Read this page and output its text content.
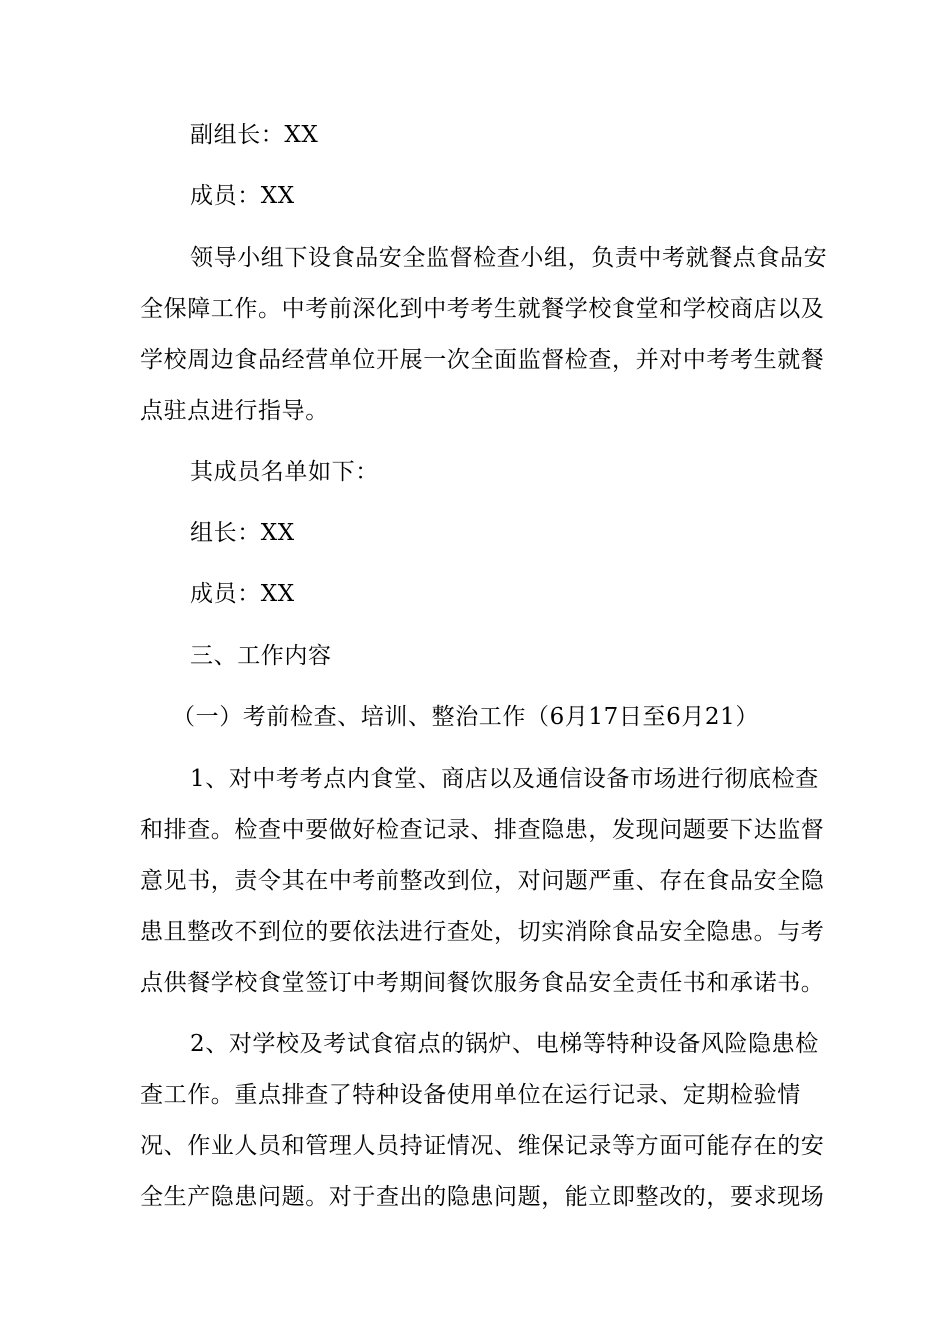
副组长：XX
成员：XX
领导小组下设食品安全监督检查小组，负责中考就餐点食品安
全保障工作。中考前深化到中考考生就餐学校食堂和学校商店以及
学校周边食品经营单位开展一次全面监督检查，并对中考考生就餐
点驻点进行指导。
其成员名单如下：
组长：XX
成员：XX
三、工作内容
（一）考前检查、培训、整治工作（6月17日至6月21）
1、对中考考点内食堂、商店以及通信设备市场进行彻底检查
和排查。检查中要做好检查记录、排查隐患，发现问题要下达监督
意见书，责令其在中考前整改到位，对问题严重、存在食品安全隐
患且整改不到位的要依法进行查处，切实消除食品安全隐患。与考
点供餐学校食堂签订中考期间餐饮服务食品安全责任书和承诺书。
2、对学校及考试食宿点的锅炉、电梯等特种设备风险隐患检
查工作。重点排查了特种设备使用单位在运行记录、定期检验情
况、作业人员和管理人员持证情况、维保记录等方面可能存在的安
全生产隐患问题。对于查出的隐患问题，能立即整改的，要求现场
